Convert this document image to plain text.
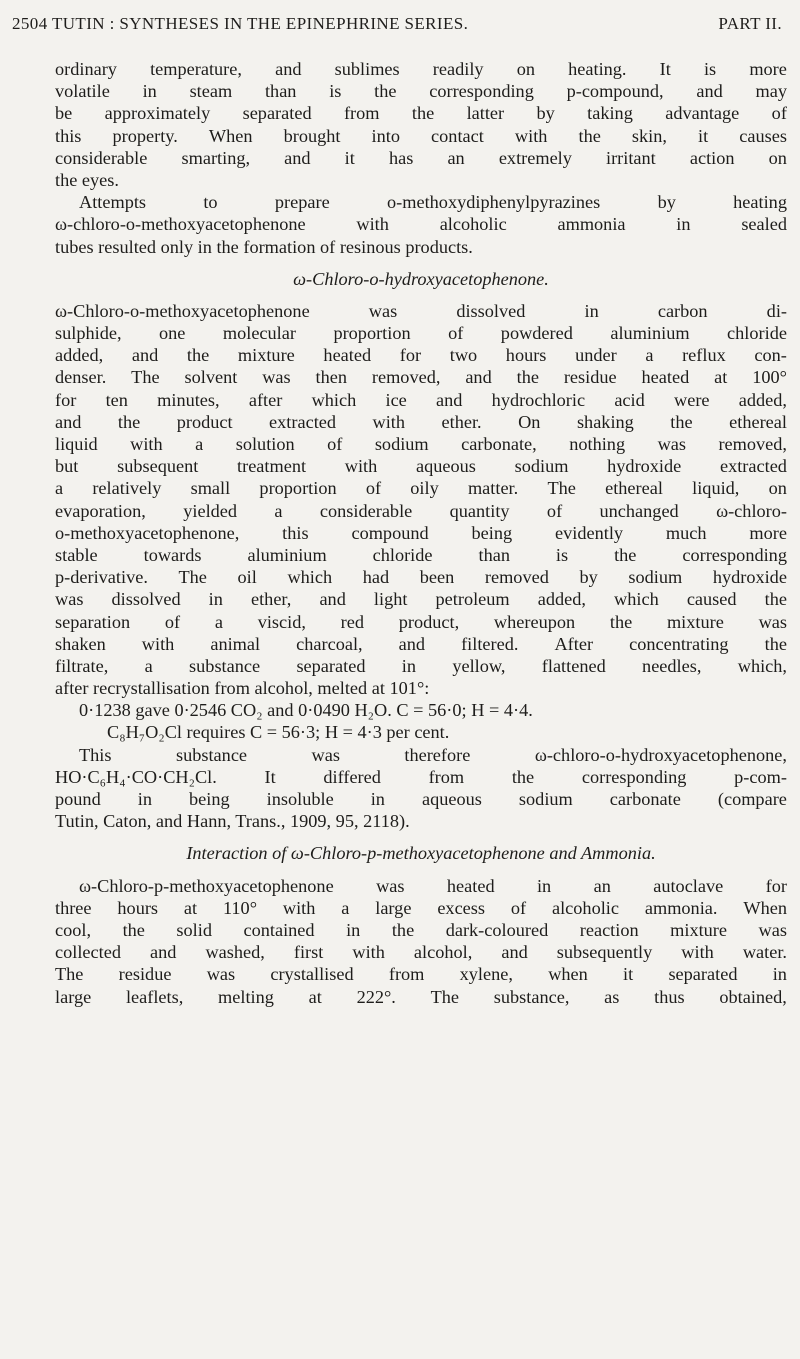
2504 TUTIN : SYNTHESES IN THE EPINEPHRINE SERIES.	PART II.
ordinary temperature, and sublimes readily on heating. It is more
volatile in steam than is the corresponding p-compound, and may
be approximately separated from the latter by taking advantage of
this property. When brought into contact with the skin, it causes
considerable smarting, and it has an extremely irritant action on
the eyes.
Attempts	to	prepare	o-methoxydiphenylpyrazines	by	heating
ω-chloro-o-methoxyacetophenone	with	alcoholic	ammonia	in	sealed
tubes resulted only in the formation of resinous products.
ω-Chloro-o-hydroxyacetophenone.
ω-Chloro-o-methoxyacetophenone	was	dissolved	in	carbon	di-
sulphide, one molecular proportion of powdered aluminium chloride
added, and the mixture heated for two hours under a reflux con-
denser. The solvent was then removed, and the residue heated at 100°
for ten minutes, after which ice and hydrochloric acid were added,
and the product extracted with ether. On shaking the ethereal
liquid with a solution of sodium carbonate, nothing was removed,
but subsequent treatment with aqueous sodium hydroxide extracted
a relatively small proportion of oily matter. The ethereal liquid, on
evaporation, yielded a considerable quantity of unchanged ω-chloro-
o-methoxyacetophenone, this compound being evidently much more
stable	towards	aluminium	chloride	than	is	the	corresponding
p-derivative. The oil which had been removed by sodium hydroxide
was dissolved in ether, and light petroleum added, which caused the
separation of a viscid, red product, whereupon the mixture was
shaken with animal charcoal, and filtered. After concentrating the
filtrate, a substance separated in yellow, flattened needles, which,
after recrystallisation from alcohol, melted at 101°:
0·1238 gave 0·2546 CO₂ and 0·0490 H₂O. C = 56·0; H = 4·4.
C₈H₇O₂Cl requires C = 56·3; H = 4·3 per cent.
This	substance	was	therefore	ω-chloro-o-hydroxyacetophenone,
HO·C₆H₄·CO·CH₂Cl.	It	differed	from	the	corresponding	p-com-
pound in being insoluble in aqueous sodium carbonate (compare
Tutin, Caton, and Hann, Trans., 1909, 95, 2118).
Interaction of ω-Chloro-p-methoxyacetophenone and Ammonia.
ω-Chloro-p-methoxyacetophenone was heated in an autoclave for
three hours at 110° with a large excess of alcoholic ammonia. When
cool, the solid contained in the dark-coloured reaction mixture was
collected and washed, first with alcohol, and subsequently with water.
The residue was crystallised from xylene, when it separated in
large leaflets, melting at 222°. The substance, as thus obtained,
